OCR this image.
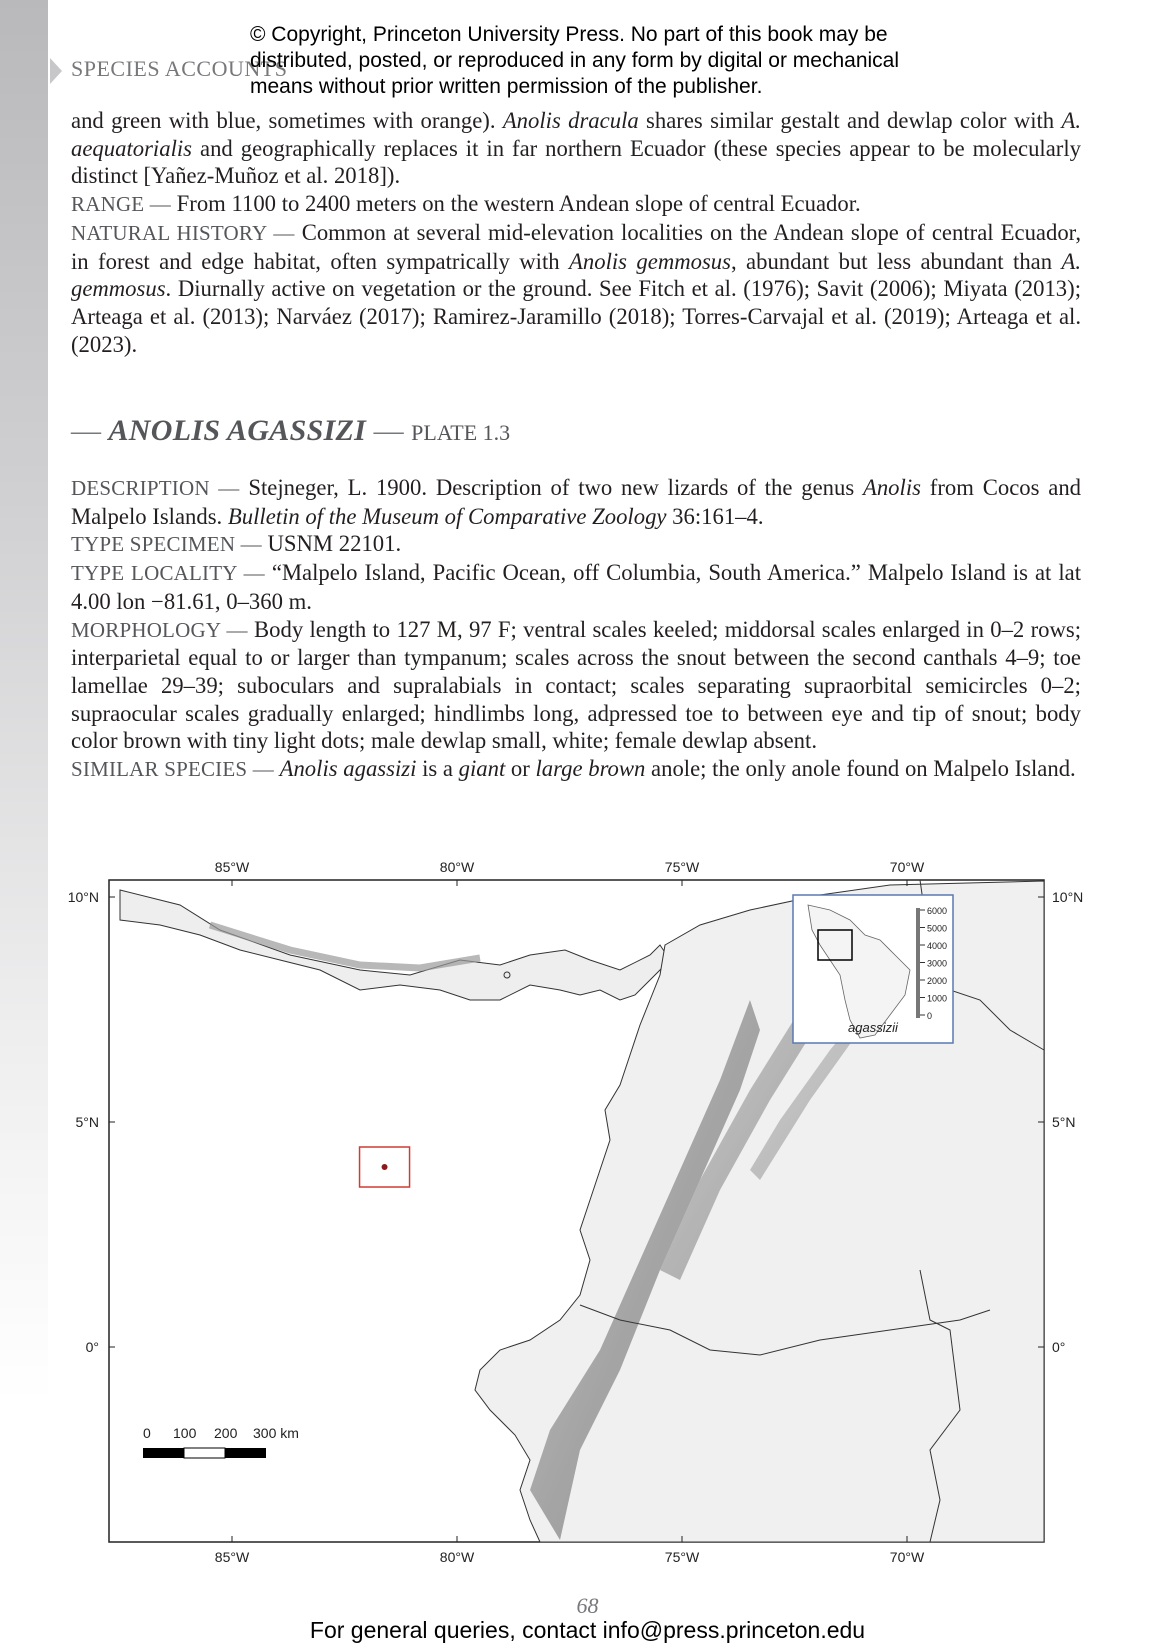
SPECIES ACCOUNTS
© Copyright, Princeton University Press. No part of this book may be
distributed, posted, or reproduced in any form by digital or mechanical
means without prior written permission of the publisher.

and green with blue, sometimes with orange). Anolis dracula shares similar gestalt and dewlap color with A. aequatorialis and geographically replaces it in far northern Ecuador (these species appear to be molecularly distinct [Yañez-Muñoz et al. 2018]).

RANGE — From 1100 to 2400 meters on the western Andean slope of central Ecuador.

NATURAL HISTORY — Common at several mid-elevation localities on the Andean slope of central Ecuador, in forest and edge habitat, often sympatrically with Anolis gemmosus, abundant but less abundant than A. gemmosus. Diurnally active on vegetation or the ground. See Fitch et al. (1976); Savit (2006); Miyata (2013); Arteaga et al. (2013); Narváez (2017); Ramirez-Jaramillo (2018); Torres-Carvajal et al. (2019); Arteaga et al. (2023).

— ANOLIS AGASSIZI — PLATE 1.3

DESCRIPTION — Stejneger, L. 1900. Description of two new lizards of the genus Anolis from Cocos and Malpelo Islands. Bulletin of the Museum of Comparative Zoology 36:161–4.

TYPE SPECIMEN — USNM 22101.

TYPE LOCALITY — “Malpelo Island, Pacific Ocean, off Columbia, South America.” Malpelo Island is at lat 4.00 lon −81.61, 0–360 m.

MORPHOLOGY — Body length to 127 M, 97 F; ventral scales keeled; middorsal scales enlarged in 0–2 rows; interparietal equal to or larger than tympanum; scales across the snout between the second canthals 4–9; toe lamellae 29–39; suboculars and supralabials in contact; scales separating supraorbital semicircles 0–2; supraocular scales gradually enlarged; hindlimbs long, adpressed toe to between eye and tip of snout; body color brown with tiny light dots; male dewlap small, white; female dewlap absent.

SIMILAR SPECIES — Anolis agassizi is a giant or large brown anole; the only anole found on Malpelo Island.

0 100 200 300 km
agassizii
6000
5000
4000
3000
2000
1000
0
85°W	80°W	75°W	70°W
85°W	80°W	75°W	70°W
10°N
5°N
0°
10°N
5°N
0°
68
For general queries, contact info@press.princeton.edu
